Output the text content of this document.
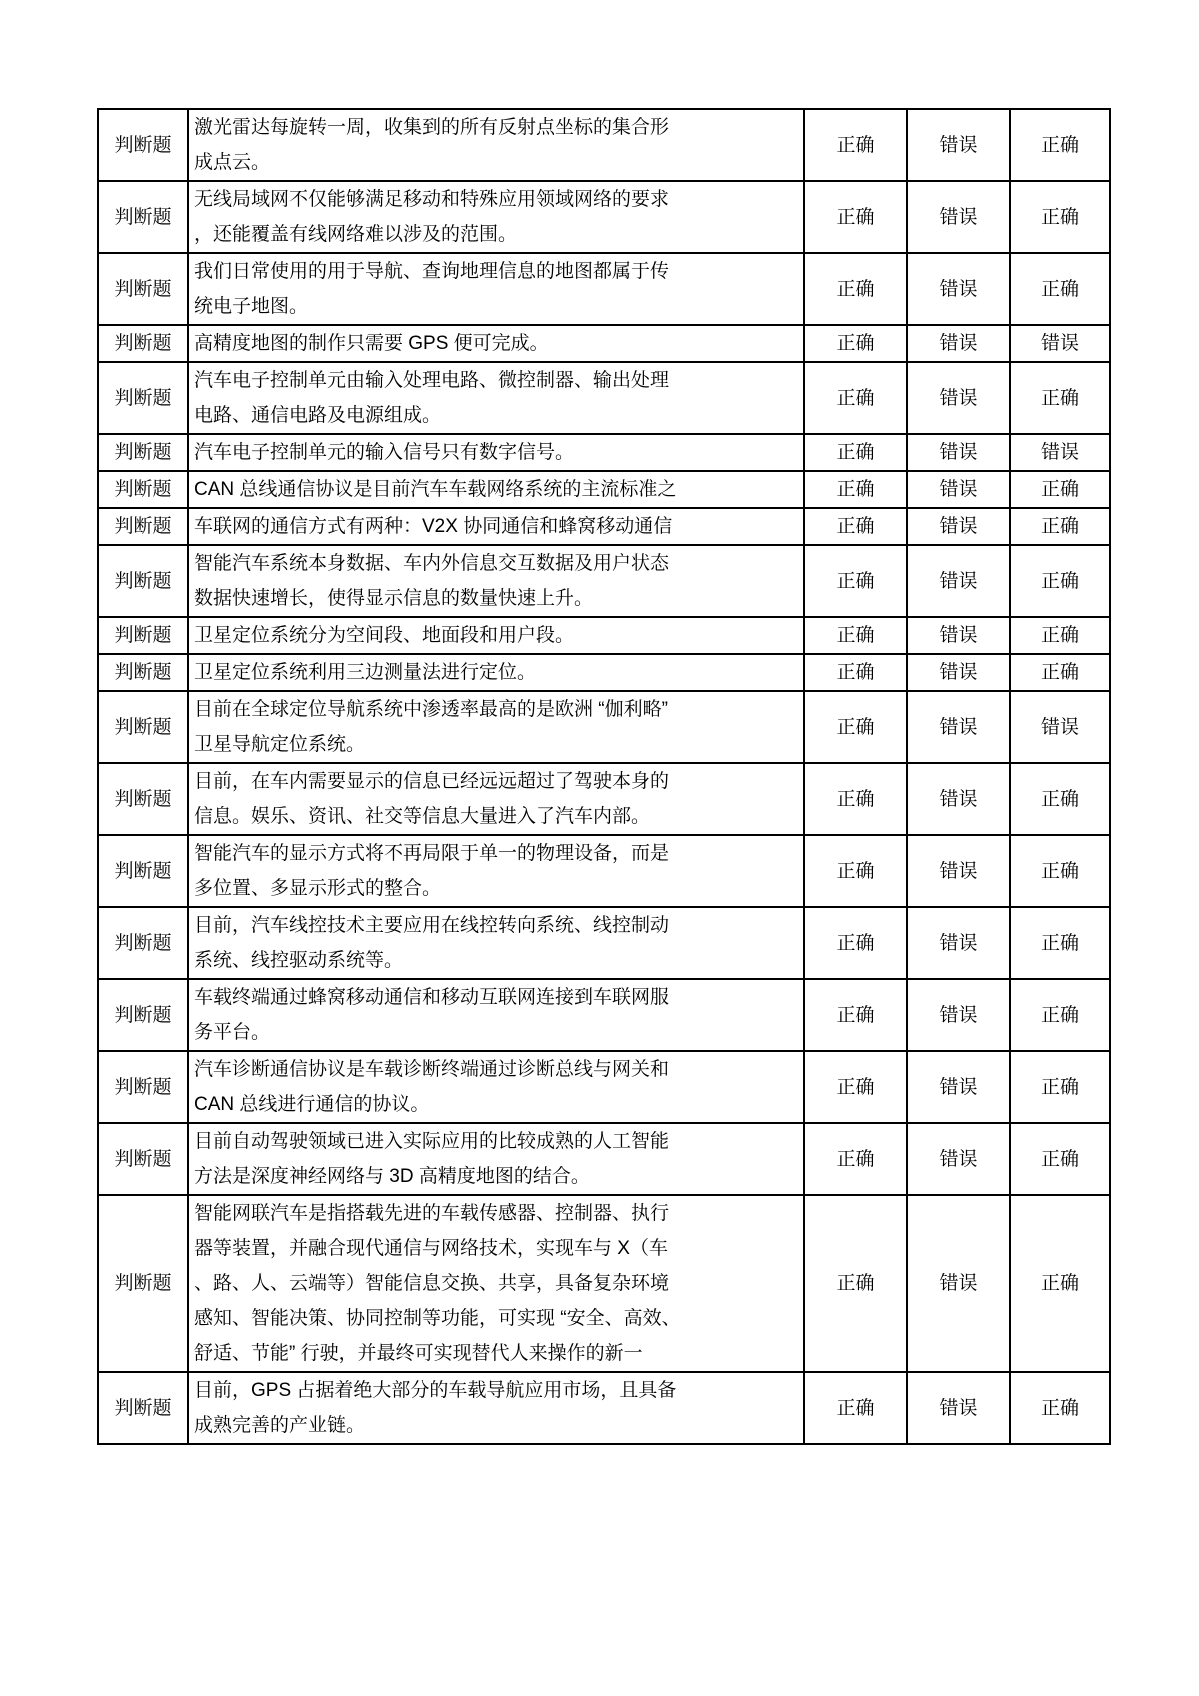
判断题	激光雷达每旋转一周，收集到的所有反射点坐标的集合形成点云。	正确	错误	正确
判断题	无线局域网不仅能够满足移动和特殊应用领域网络的要求，还能覆盖有线网络难以涉及的范围。	正确	错误	正确
判断题	我们日常使用的用于导航、查询地理信息的地图都属于传统电子地图。	正确	错误	正确
判断题	高精度地图的制作只需要 GPS 便可完成。	正确	错误	错误
判断题	汽车电子控制单元由输入处理电路、微控制器、输出处理电路、通信电路及电源组成。	正确	错误	正确
判断题	汽车电子控制单元的输入信号只有数字信号。	正确	错误	错误
判断题	CAN 总线通信协议是目前汽车车载网络系统的主流标准之	正确	错误	正确
判断题	车联网的通信方式有两种：V2X 协同通信和蜂窝移动通信	正确	错误	正确
判断题	智能汽车系统本身数据、车内外信息交互数据及用户状态数据快速增长，使得显示信息的数量快速上升。	正确	错误	正确
判断题	卫星定位系统分为空间段、地面段和用户段。	正确	错误	正确
判断题	卫星定位系统利用三边测量法进行定位。	正确	错误	正确
判断题	目前在全球定位导航系统中渗透率最高的是欧洲 “伽利略” 卫星导航定位系统。	正确	错误	错误
判断题	目前，在车内需要显示的信息已经远远超过了驾驶本身的信息。娱乐、资讯、社交等信息大量进入了汽车内部。	正确	错误	正确
判断题	智能汽车的显示方式将不再局限于单一的物理设备，而是多位置、多显示形式的整合。	正确	错误	正确
判断题	目前，汽车线控技术主要应用在线控转向系统、线控制动系统、线控驱动系统等。	正确	错误	正确
判断题	车载终端通过蜂窝移动通信和移动互联网连接到车联网服务平台。	正确	错误	正确
判断题	汽车诊断通信协议是车载诊断终端通过诊断总线与网关和 CAN 总线进行通信的协议。	正确	错误	正确
判断题	目前自动驾驶领域已进入实际应用的比较成熟的人工智能方法是深度神经网络与 3D 高精度地图的结合。	正确	错误	正确
判断题	智能网联汽车是指搭载先进的车载传感器、控制器、执行器等装置，并融合现代通信与网络技术，实现车与 X（车、路、人、云端等）智能信息交换、共享，具备复杂环境感知、智能决策、协同控制等功能，可实现 “安全、高效、舒适、节能” 行驶，并最终可实现替代人来操作的新一	正确	错误	正确
判断题	目前，GPS 占据着绝大部分的车载导航应用市场，且具备成熟完善的产业链。	正确	错误	正确
